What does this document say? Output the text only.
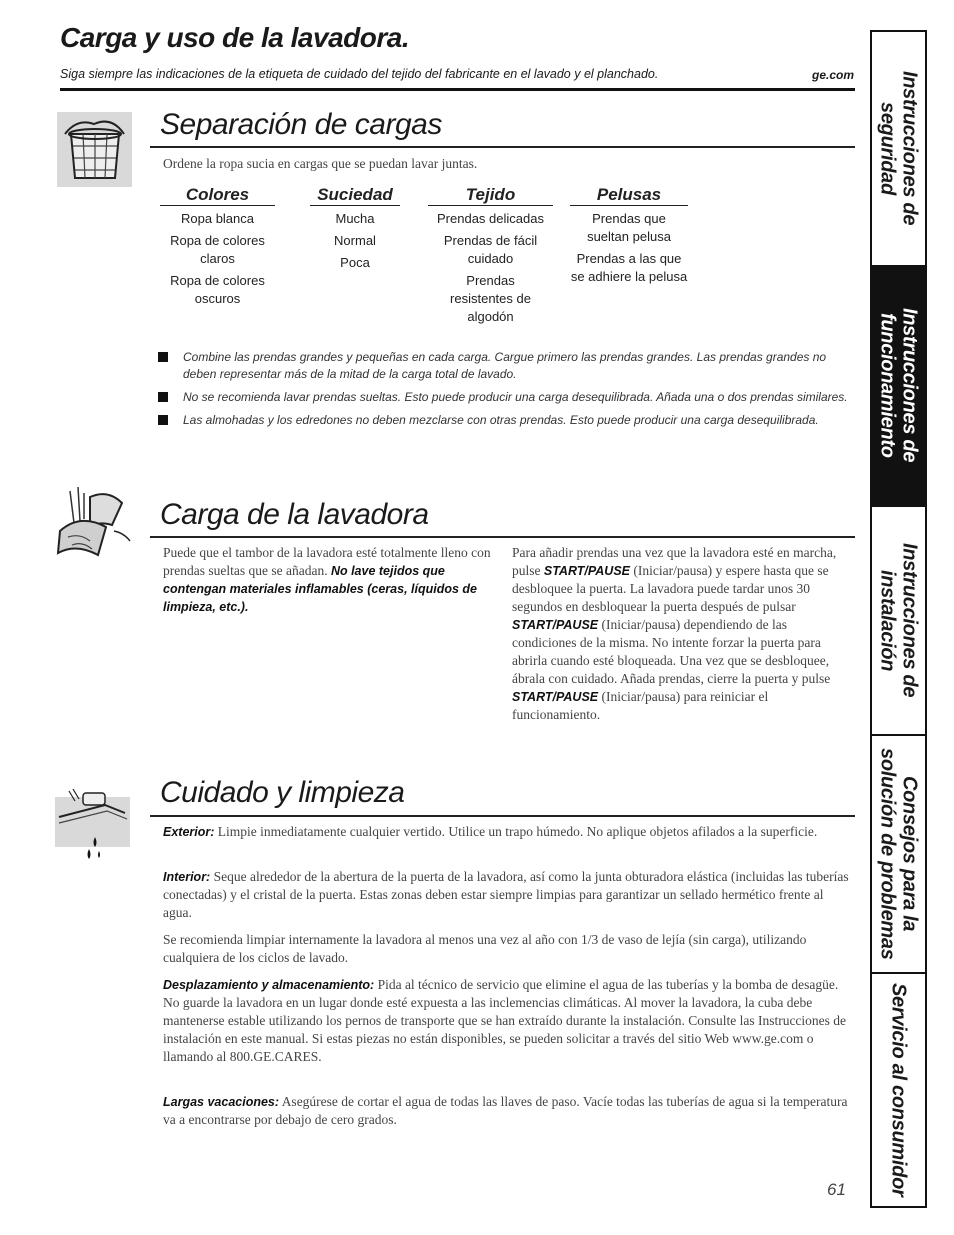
Carga y uso de la lavadora.
Siga siempre las indicaciones de la etiqueta de cuidado del tejido del fabricante en el lavado y el planchado.	ge.com
Separación de cargas
Ordene la ropa sucia en cargas que se puedan lavar juntas.
Colores
Ropa blanca
Ropa de colores claros
Ropa de colores oscuros
Suciedad
Mucha
Normal
Poca
Tejido
Prendas delicadas
Prendas de fácil cuidado
Prendas resistentes de algodón
Pelusas
Prendas que sueltan pelusa
Prendas a las que se adhiere la pelusa
Combine las prendas grandes y pequeñas en cada carga. Cargue primero las prendas grandes. Las prendas grandes no deben representar más de la mitad de la carga total de lavado.
No se recomienda lavar prendas sueltas. Esto puede producir una carga desequilibrada. Añada una o dos prendas similares.
Las almohadas y los edredones no deben mezclarse con otras prendas. Esto puede producir una carga desequilibrada.
Carga de la lavadora
Puede que el tambor de la lavadora esté totalmente lleno con prendas sueltas que se añadan. No lave tejidos que contengan materiales inflamables (ceras, líquidos de limpieza, etc.).
Para añadir prendas una vez que la lavadora esté en marcha, pulse START/PAUSE (Iniciar/pausa) y espere hasta que se desbloquee la puerta. La lavadora puede tardar unos 30 segundos en desbloquear la puerta después de pulsar START/PAUSE (Iniciar/pausa) dependiendo de las condiciones de la misma. No intente forzar la puerta para abrirla cuando esté bloqueada. Una vez que se desbloquee, ábrala con cuidado. Añada prendas, cierre la puerta y pulse START/PAUSE (Iniciar/pausa) para reiniciar el funcionamiento.
Cuidado y limpieza
Exterior: Limpie inmediatamente cualquier vertido. Utilice un trapo húmedo. No aplique objetos afilados a la superficie.
Interior: Seque alrededor de la abertura de la puerta de la lavadora, así como la junta obturadora elástica (incluidas las tuberías conectadas) y el cristal de la puerta. Estas zonas deben estar siempre limpias para garantizar un sellado hermético frente al agua.
Se recomienda limpiar internamente la lavadora al menos una vez al año con 1/3 de vaso de lejía (sin carga), utilizando cualquiera de los ciclos de lavado.
Desplazamiento y almacenamiento: Pida al técnico de servicio que elimine el agua de las tuberías y la bomba de desagüe. No guarde la lavadora en un lugar donde esté expuesta a las inclemencias climáticas. Al mover la lavadora, la cuba debe mantenerse estable utilizando los pernos de transporte que se han extraído durante la instalación. Consulte las Instrucciones de instalación en este manual. Si estas piezas no están disponibles, se pueden solicitar a través del sitio Web www.ge.com o llamando al 800.GE.CARES.
Largas vacaciones: Asegúrese de cortar el agua de todas las llaves de paso. Vacíe todas las tuberías de agua si la temperatura va a encontrarse por debajo de cero grados.
Instrucciones de
seguridad
Instrucciones de
funcionamiento
Instrucciones de
instalación
Consejos para la
solución de problemas
Servicio al consumidor
61
